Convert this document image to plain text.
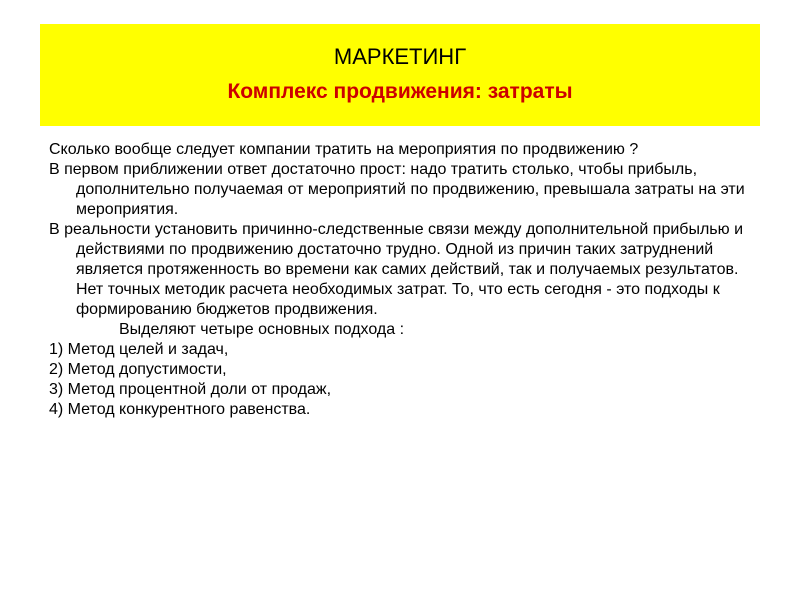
МАРКЕТИНГ
Комплекс продвижения: затраты

Сколько вообще следует компании тратить на мероприятия по продвижению ?

В первом приближении ответ достаточно прост: надо тратить столько, чтобы прибыль, дополнительно получаемая от мероприятий по продвижению, превышала затраты на эти мероприятия.

В реальности установить причинно-следственные связи между дополнительной прибылью и действиями по продвижению достаточно трудно. Одной из причин таких затруднений является протяженность во времени как самих действий, так и получаемых результатов. Нет точных методик расчета необходимых затрат. То, что есть сегодня - это подходы к формированию бюджетов продвижения.

Выделяют четыре основных подхода :

1) Метод целей и задач,

2) Метод допустимости,

3) Метод процентной доли от продаж,

4) Метод конкурентного равенства.
